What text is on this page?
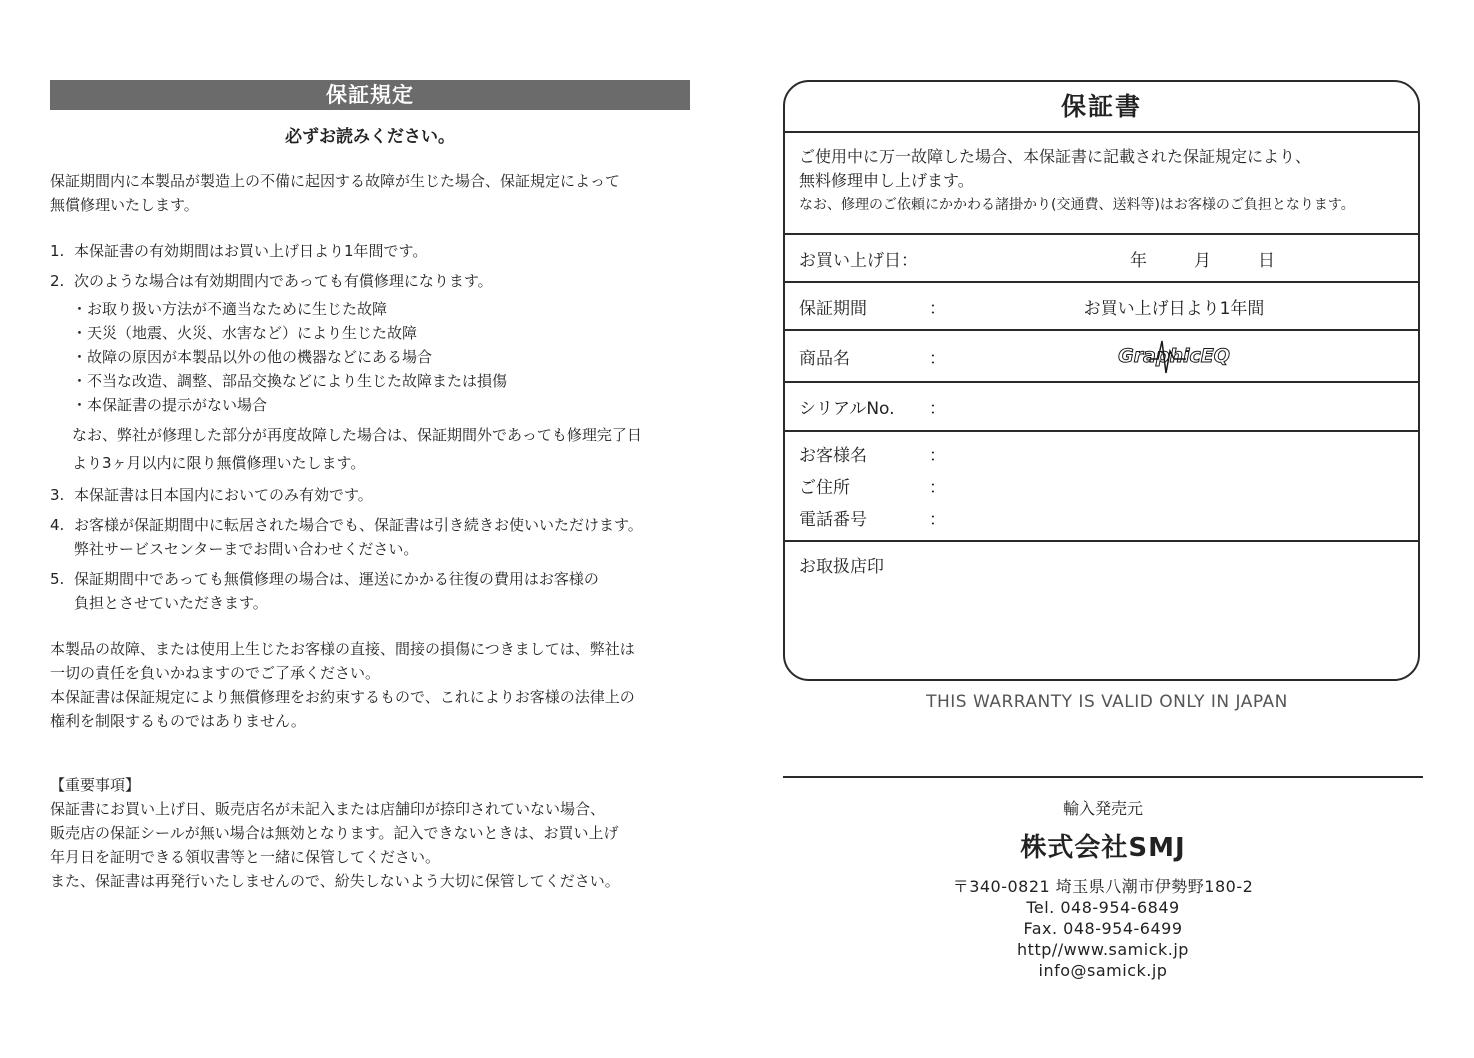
保証規定
必ずお読みください。

保証期間内に本製品が製造上の不備に起因する故障が生じた場合、保証規定によって

無償修理いたします。

1. 本保証書の有効期間はお買い上げ日より1年間です。
2. 次のような場合は有効期間内であっても有償修理になります。
・お取り扱い方法が不適当なために生じた故障
・天災（地震、火災、水害など）により生じた故障
・故障の原因が本製品以外の他の機器などにある場合
・不当な改造、調整、部品交換などにより生じた故障または損傷
・本保証書の提示がない場合
なお、弊社が修理した部分が再度故障した場合は、保証期間外であっても修理完了日
より3ヶ月以内に限り無償修理いたします。
3. 本保証書は日本国内においてのみ有効です。
4. お客様が保証期間中に転居された場合でも、保証書は引き続きお使いいただけます。
弊社サービスセンターまでお問い合わせください。
5. 保証期間中であっても無償修理の場合は、運送にかかる往復の費用はお客様の
負担とさせていただきます。

本製品の故障、または使用上生じたお客様の直接、間接の損傷につきましては、弊社は

一切の責任を負いかねますのでご了承ください。

本保証書は保証規定により無償修理をお約束するもので、これによりお客様の法律上の

権利を制限するものではありません。

【重要事項】

保証書にお買い上げ日、販売店名が未記入または店舗印が捺印されていない場合、

販売店の保証シールが無い場合は無効となります。記入できないときは、お買い上げ

年月日を証明できる領収書等と一緒に保管してください。

また、保証書は再発行いたしませんので、紛失しないよう大切に保管してください。

保証書
ご使用中に万一故障した場合、本保証書に記載された保証規定により、
無料修理申し上げます。
なお、修理のご依頼にかかわる諸掛かり(交通費、送料等)はお客様のご負担となります。
お買い上げ日：	年	月	日
保証期間	：	お買い上げ日より1年間
商品名	：	GraphicEQ
シリアルNo. ：
お客様名	：
ご住所	：
電話番号	：
お取扱店印
THIS WARRANTY IS VALID ONLY IN JAPAN
輸入発売元
株式会社SMJ
〒340-0821 埼玉県八潮市伊勢野180-2
Tel. 048-954-6849
Fax. 048-954-6499
http//www.samick.jp
info@samick.jp
